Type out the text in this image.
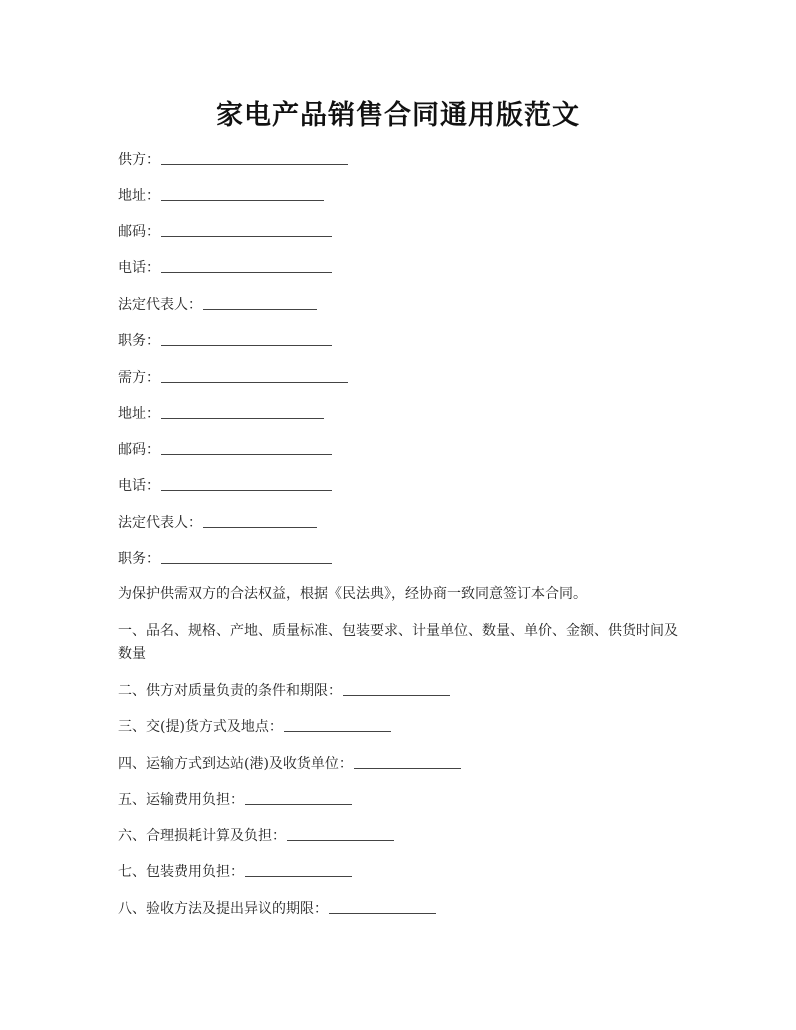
家电产品销售合同通用版范文
供方：
地址：
邮码：
电话：
法定代表人：
职务：
需方：
地址：
邮码：
电话：
法定代表人：
职务：
为保护供需双方的合法权益，根据《民法典》，经协商一致同意签订本合同。
一、品名、规格、产地、质量标准、包装要求、计量单位、数量、单价、金额、供货时间及数量
二、供方对质量负责的条件和期限：
三、交(提)货方式及地点：
四、运输方式到达站(港)及收货单位：
五、运输费用负担：
六、合理损耗计算及负担：
七、包装费用负担：
八、验收方法及提出异议的期限：
